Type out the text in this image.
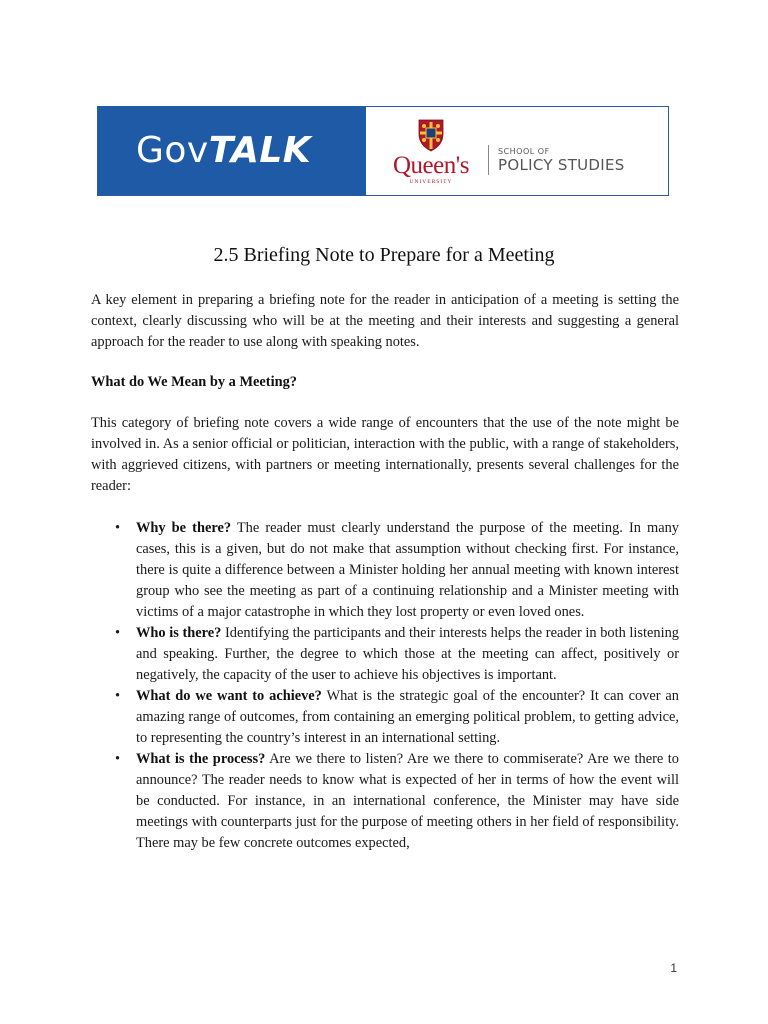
GovTALK	Queen's
UNIVERSITY
SCHOOL OF
POLICY STUDIES
2.5 Briefing Note to Prepare for a Meeting

A key element in preparing a briefing note for the reader in anticipation of a meeting is setting the context, clearly discussing who will be at the meeting and their interests and suggesting a general approach for the reader to use along with speaking notes.

What do We Mean by a Meeting?

This category of briefing note covers a wide range of encounters that the use of the note might be involved in. As a senior official or politician, interaction with the public, with a range of stakeholders, with aggrieved citizens, with partners or meeting internationally, presents several challenges for the reader:

• Why be there? The reader must clearly understand the purpose of the meeting. In many cases, this is a given, but do not make that assumption without checking first. For instance, there is quite a difference between a Minister holding her annual meeting with known interest group who see the meeting as part of a continuing relationship and a Minister meeting with victims of a major catastrophe in which they lost property or even loved ones.
• Who is there? Identifying the participants and their interests helps the reader in both listening and speaking. Further, the degree to which those at the meeting can affect, positively or negatively, the capacity of the user to achieve his objectives is important.
• What do we want to achieve? What is the strategic goal of the encounter? It can cover an amazing range of outcomes, from containing an emerging political problem, to getting advice, to representing the country’s interest in an international setting.
• What is the process? Are we there to listen? Are we there to commiserate? Are we there to announce? The reader needs to know what is expected of her in terms of how the event will be conducted. For instance, in an international conference, the Minister may have side meetings with counterparts just for the purpose of meeting others in her field of responsibility. There may be few concrete outcomes expected,
1
